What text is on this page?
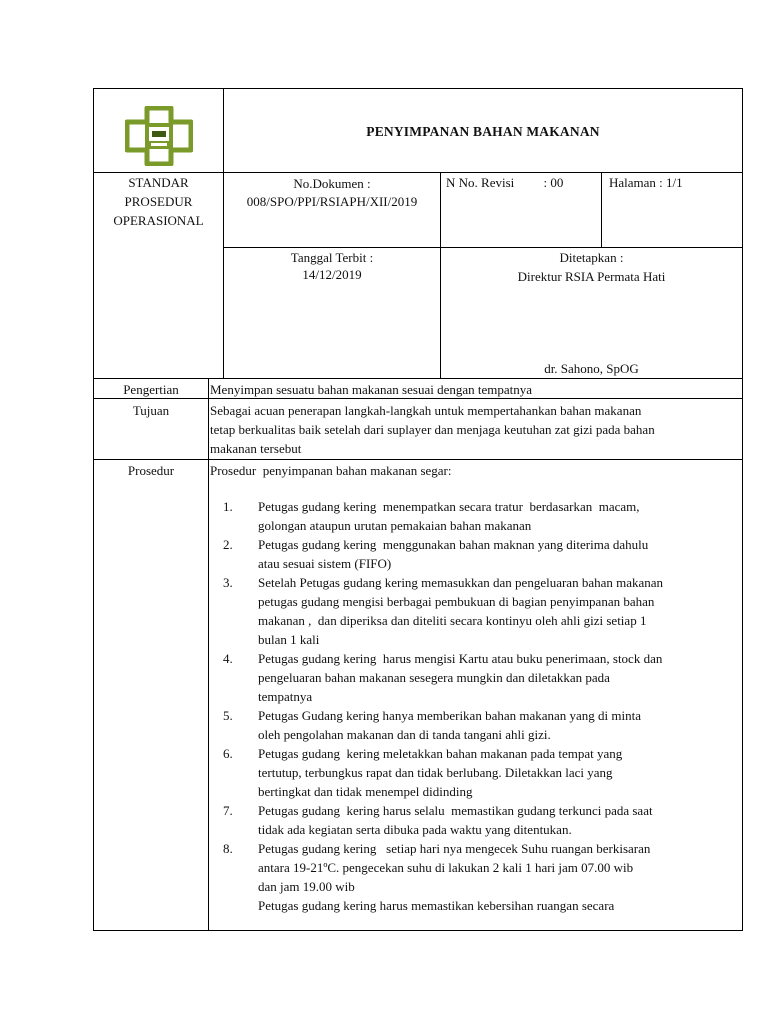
PENYIMPANAN BAHAN MAKANAN
STANDAR
PROSEDUR
OPERASIONAL
No.Dokumen :
008/SPO/PPI/RSIAPH/XII/2019
N No. Revisi         : 00	Halaman : 1/1
Tanggal Terbit :
14/12/2019
Ditetapkan :
Direktur RSIA Permata Hati
dr. Sahono, SpOG
Pengertian	Menyimpan sesuatu bahan makanan sesuai dengan tempatnya
Tujuan	Sebagai acuan penerapan langkah-langkah untuk mempertahankan bahan makanan
tetap berkualitas baik setelah dari suplayer dan menjaga keutuhan zat gizi pada bahan
makanan tersebut
Prosedur	Prosedur  penyimpanan bahan makanan segar:
1.	Petugas gudang kering  menempatkan secara tratur  berdasarkan  macam,
golongan ataupun urutan pemakaian bahan makanan
2.	Petugas gudang kering  menggunakan bahan maknan yang diterima dahulu
atau sesuai sistem (FIFO)
3.	Setelah Petugas gudang kering memasukkan dan pengeluaran bahan makanan
petugas gudang mengisi berbagai pembukuan di bagian penyimpanan bahan
makanan ,  dan diperiksa dan diteliti secara kontinyu oleh ahli gizi setiap 1
bulan 1 kali
4.	Petugas gudang kering  harus mengisi Kartu atau buku penerimaan, stock dan
pengeluaran bahan makanan sesegera mungkin dan diletakkan pada
tempatnya
5.	Petugas Gudang kering hanya memberikan bahan makanan yang di minta
oleh pengolahan makanan dan di tanda tangani ahli gizi.
6.	Petugas gudang  kering meletakkan bahan makanan pada tempat yang
tertutup, terbungkus rapat dan tidak berlubang. Diletakkan laci yang
bertingkat dan tidak menempel didinding
7.	Petugas gudang  kering harus selalu  memastikan gudang terkunci pada saat
tidak ada kegiatan serta dibuka pada waktu yang ditentukan.
8.	Petugas gudang kering   setiap hari nya mengecek Suhu ruangan berkisaran
antara 19-21ºC. pengecekan suhu di lakukan 2 kali 1 hari jam 07.00 wib
dan jam 19.00 wib
Petugas gudang kering harus memastikan kebersihan ruangan secara
